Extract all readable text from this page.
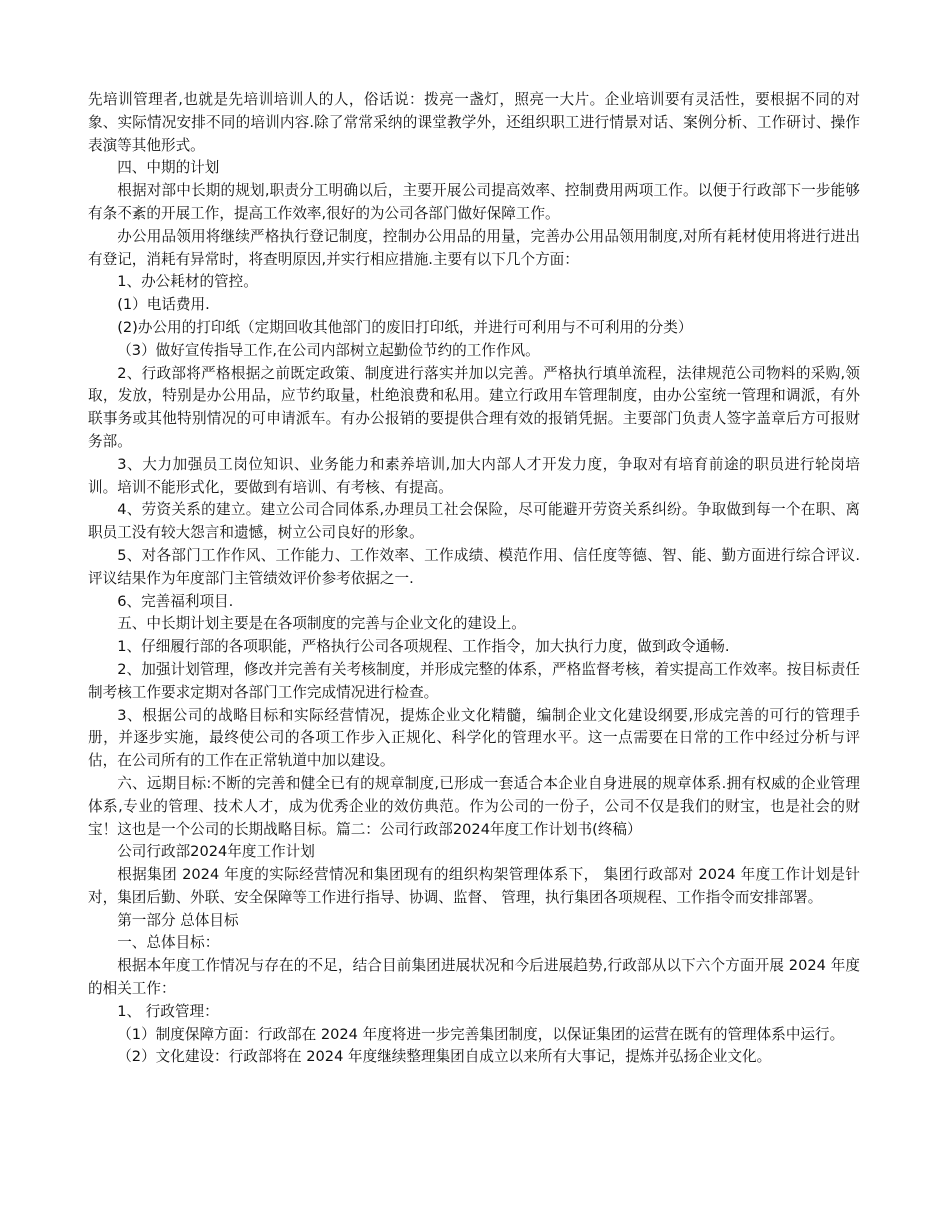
先培训管理者,也就是先培训培训人的人，俗话说：拨亮一盏灯，照亮一大片。企业培训要有灵活性，要根据不同的对象、实际情况安排不同的培训内容.除了常常采纳的课堂教学外，还组织职工进行情景对话、案例分析、工作研讨、操作表演等其他形式。

四、中期的计划

根据对部中长期的规划,职责分工明确以后，主要开展公司提高效率、控制费用两项工作。以便于行政部下一步能够有条不紊的开展工作，提高工作效率,很好的为公司各部门做好保障工作。

办公用品领用将继续严格执行登记制度，控制办公用品的用量，完善办公用品领用制度,对所有耗材使用将进行进出有登记，消耗有异常时，将查明原因,并实行相应措施.主要有以下几个方面：

1、办公耗材的管控。

(1）电话费用.

(2)办公用的打印纸（定期回收其他部门的废旧打印纸，并进行可利用与不可利用的分类）

（3）做好宣传指导工作,在公司内部树立起勤俭节约的工作作风。

2、行政部将严格根据之前既定政策、制度进行落实并加以完善。严格执行填单流程，法律规范公司物料的采购,领取，发放，特别是办公用品，应节约取量，杜绝浪费和私用。建立行政用车管理制度，由办公室统一管理和调派，有外联事务或其他特别情况的可申请派车。有办公报销的要提供合理有效的报销凭据。主要部门负责人签字盖章后方可报财务部。

3、大力加强员工岗位知识、业务能力和素养培训,加大内部人才开发力度，争取对有培育前途的职员进行轮岗培训。培训不能形式化，要做到有培训、有考核、有提高。

4、劳资关系的建立。建立公司合同体系,办理员工社会保险，尽可能避开劳资关系纠纷。争取做到每一个在职、离职员工没有较大怨言和遗憾，树立公司良好的形象。

5、对各部门工作作风、工作能力、工作效率、工作成绩、模范作用、信任度等德、智、能、勤方面进行综合评议.评议结果作为年度部门主管绩效评价参考依据之一.

6、完善福利项目.

五、中长期计划主要是在各项制度的完善与企业文化的建设上。

1、仔细履行部的各项职能，严格执行公司各项规程、工作指令，加大执行力度，做到政令通畅.

2、加强计划管理，修改并完善有关考核制度，并形成完整的体系，严格监督考核，着实提高工作效率。按目标责任制考核工作要求定期对各部门工作完成情况进行检查。

3、根据公司的战略目标和实际经营情况，提炼企业文化精髓，编制企业文化建设纲要,形成完善的可行的管理手册，并逐步实施，最终使公司的各项工作步入正规化、科学化的管理水平。这一点需要在日常的工作中经过分析与评估，在公司所有的工作在正常轨道中加以建设。

六、远期目标:不断的完善和健全已有的规章制度,已形成一套适合本企业自身进展的规章体系.拥有权威的企业管理体系,专业的管理、技术人才，成为优秀企业的效仿典范。作为公司的一份子，公司不仅是我们的财宝，也是社会的财宝！这也是一个公司的长期战略目标。篇二：公司行政部2024年度工作计划书(终稿）

公司行政部2024年度工作计划

根据集团 2024 年度的实际经营情况和集团现有的组织构架管理体系下， 集团行政部对 2024 年度工作计划是针对，集团后勤、外联、安全保障等工作进行指导、协调、监督、 管理，执行集团各项规程、工作指令而安排部署。

第一部分 总体目标

一、总体目标：

根据本年度工作情况与存在的不足，结合目前集团进展状况和今后进展趋势,行政部从以下六个方面开展 2024 年度的相关工作：

1、 行政管理：

（1）制度保障方面：行政部在 2024 年度将进一步完善集团制度，以保证集团的运营在既有的管理体系中运行。

（2）文化建设：行政部将在 2024 年度继续整理集团自成立以来所有大事记，提炼并弘扬企业文化。
